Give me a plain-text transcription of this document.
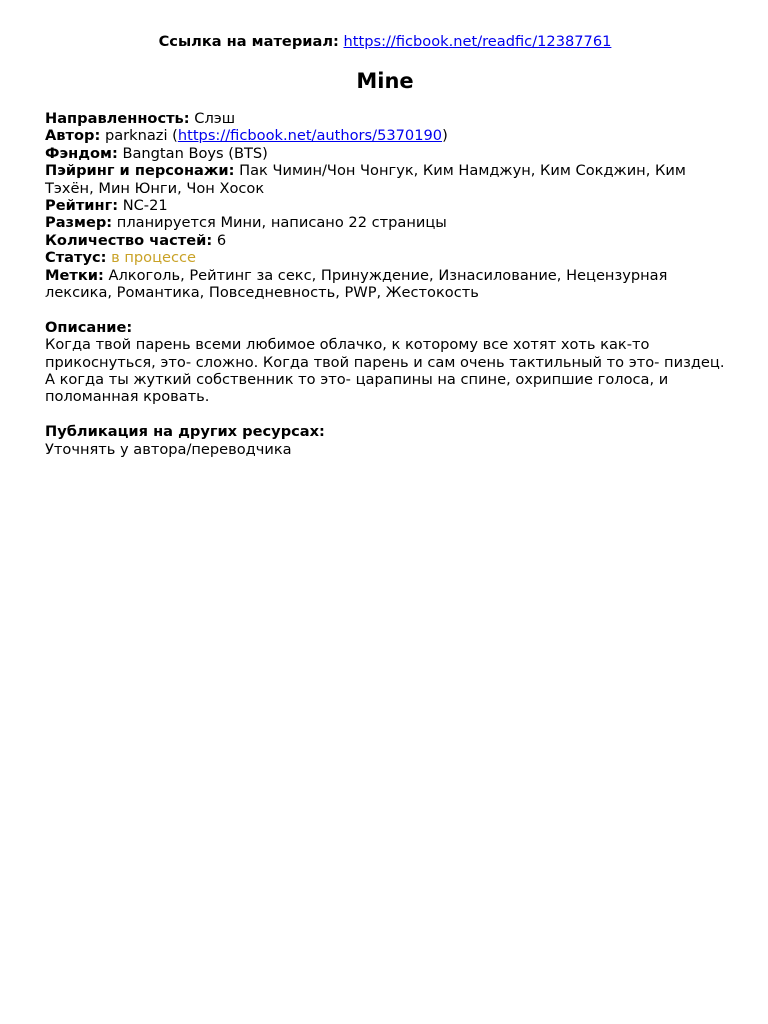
Ссылка на материал: https://ficbook.net/readfic/12387761

Mine

Направленность: Слэш

Автор: parknazi (https://ficbook.net/authors/5370190)

Фэндом: Bangtan Boys (BTS)

Пэйринг и персонажи: Пак Чимин/Чон Чонгук, Ким Намджун, Ким Сокджин, Ким Тэхён, Мин Юнги, Чон Хосок

Рейтинг: NC-21

Размер: планируется Мини, написано 22 страницы

Количество частей: 6

Статус: в процессе

Метки: Алкоголь, Рейтинг за секс, Принуждение, Изнасилование, Нецензурная лексика, Романтика, Повседневность, PWP, Жестокость

Описание:

Когда твой парень всеми любимое облачко, к которому все хотят хоть как-то прикоснуться, это- сложно. Когда твой парень и сам очень тактильный то это- пиздец. А когда ты жуткий собственник то это- царапины на спине, охрипшие голоса, и поломанная кровать.

Публикация на других ресурсах:

Уточнять у автора/переводчика
